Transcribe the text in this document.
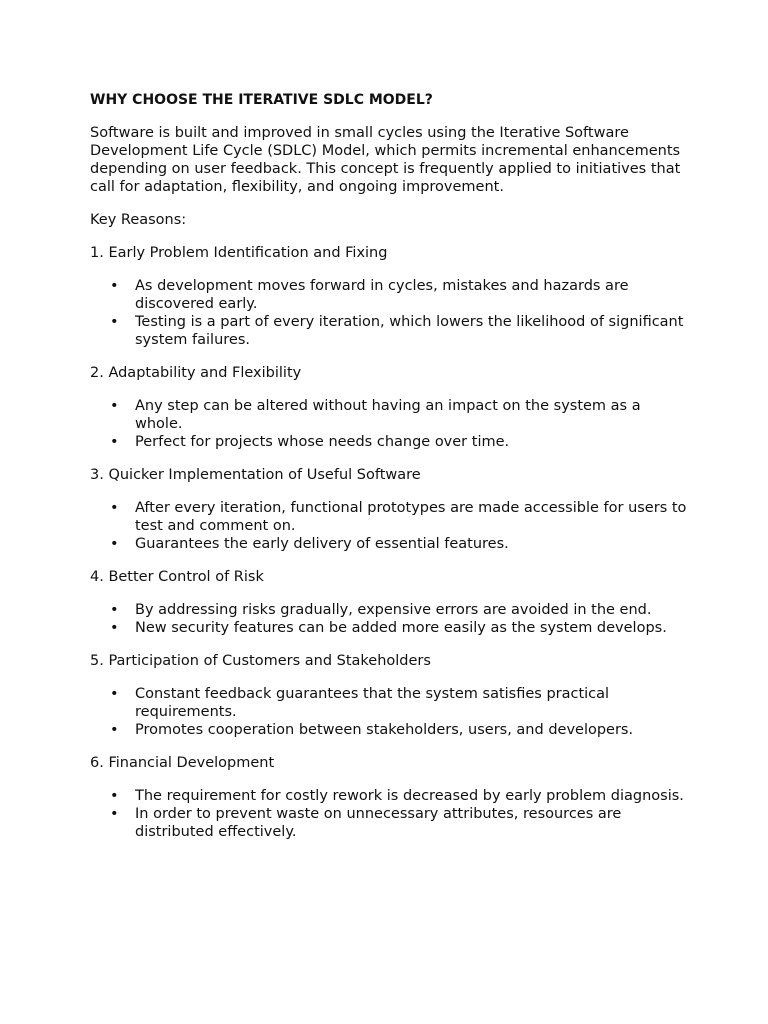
WHY CHOOSE THE ITERATIVE SDLC MODEL?

Software is built and improved in small cycles using the Iterative Software Development Life Cycle (SDLC) Model, which permits incremental enhancements depending on user feedback. This concept is frequently applied to initiatives that call for adaptation, flexibility, and ongoing improvement.

Key Reasons:

1. Early Problem Identification and Fixing

• As development moves forward in cycles, mistakes and hazards are discovered early.
• Testing is a part of every iteration, which lowers the likelihood of significant system failures.

2. Adaptability and Flexibility

• Any step can be altered without having an impact on the system as a whole.
• Perfect for projects whose needs change over time.

3. Quicker Implementation of Useful Software

• After every iteration, functional prototypes are made accessible for users to test and comment on.
• Guarantees the early delivery of essential features.

4. Better Control of Risk

• By addressing risks gradually, expensive errors are avoided in the end.
• New security features can be added more easily as the system develops.

5. Participation of Customers and Stakeholders

• Constant feedback guarantees that the system satisfies practical requirements.
• Promotes cooperation between stakeholders, users, and developers.

6. Financial Development

• The requirement for costly rework is decreased by early problem diagnosis.
• In order to prevent waste on unnecessary attributes, resources are distributed effectively.
